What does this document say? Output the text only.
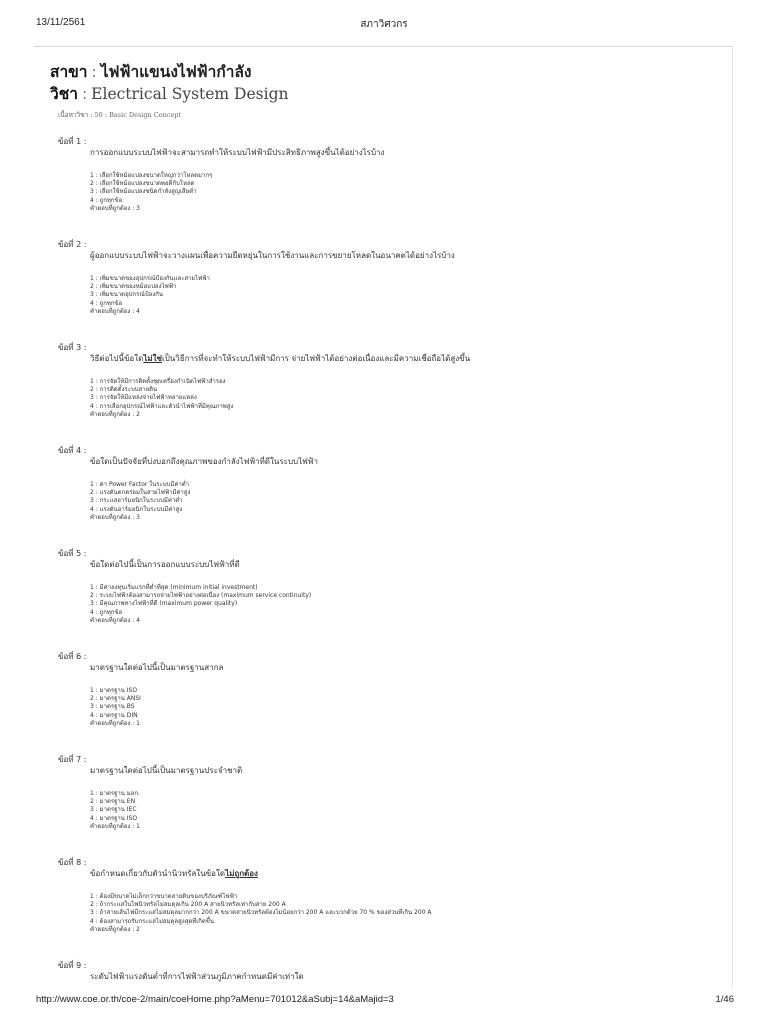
13/11/2561	สภาวิศวกร
สาขา : ไฟฟ้าแขนงไฟฟ้ากำลัง
วิชา : Electrical System Design
เนื้อหาวิชา : 50 : Basic Design Concept
ข้อที่ 1 :
การออกแบบระบบไฟฟ้าจะสามารถทำให้ระบบไฟฟ้ามีประสิทธิภาพสูงขึ้นได้อย่างไรบ้าง
1 : เลือกใช้หม้อแปลงขนาดใหญ่กว่าโหลดมากๆ
2 : เลือกใช้หม้อแปลงขนาดพอดีกับโหลด
3 : เลือกใช้หม้อแปลงชนิดกำลังสูญเสียต่ำ
4 : ถูกทุกข้อ
คำตอบที่ถูกต้อง : 3
ข้อที่ 2 :
ผู้ออกแบบระบบไฟฟ้าจะวางแผนเพื่อความยืดหยุ่นในการใช้งานและการขยายโหลดในอนาคตได้อย่างไรบ้าง
1 : เพิ่มขนาดของอุปกรณ์ป้องกันและสายไฟฟ้า
2 : เพิ่มขนาดของหม้อแปลงไฟฟ้า
3 : เพิ่มขนาดอุปกรณ์ป้องกัน
4 : ถูกทุกข้อ
คำตอบที่ถูกต้อง : 4
ข้อที่ 3 :
วิธีต่อไปนี้ข้อใดไม่ใช่เป็นวิธีการที่จะทำให้ระบบไฟฟ้ามีการ จ่ายไฟฟ้าได้อย่างต่อเนื่องและมีความเชื่อถือได้สูงขึ้น
1 : การจัดให้มีการติดตั้งชุดเครื่องกำเนิดไฟฟ้าสำรอง
2 : การติดตั้งระบบสายดิน
3 : การจัดให้มีแหล่งจ่ายไฟฟ้าหลายแหล่ง
4 : การเลือกอุปกรณ์ไฟฟ้าและตัวนำไฟฟ้าที่มีคุณภาพสูง
คำตอบที่ถูกต้อง : 2
ข้อที่ 4 :
ข้อใดเป็นปัจจัยที่บ่งบอกถึงคุณภาพของกำลังไฟฟ้าที่ดีในระบบไฟฟ้า
1 : ค่า Power Factor ในระบบมีค่าต่ำ
2 : แรงดันตกคร่อมในสายไฟฟ้ามีค่าสูง
3 : กระแสฮาร์มอนิกในระบบมีค่าต่ำ
4 : แรงดันฮาร์มอนิกในระบบมีค่าสูง
คำตอบที่ถูกต้อง : 3
ข้อที่ 5 :
ข้อใดต่อไปนี้เป็นการออกแบบระบบไฟฟ้าที่ดี
1 : มีค่าลงทุนเริ่มแรกที่ต่ำที่สุด (minimum initial investment)
2 : ระบบไฟฟ้าต้องสามารถจ่ายไฟฟ้าอย่างต่อเนื่อง (maximum service continuity)
3 : มีคุณภาพทางไฟฟ้าที่ดี (maximum power quality)
4 : ถูกทุกข้อ
คำตอบที่ถูกต้อง : 4
ข้อที่ 6 :
มาตรฐานใดต่อไปนี้เป็นมาตรฐานสากล
1 : มาตรฐาน ISO
2 : มาตรฐาน ANSI
3 : มาตรฐาน BS
4 : มาตรฐาน DIN
คำตอบที่ถูกต้อง : 1
ข้อที่ 7 :
มาตรฐานใดต่อไปนี้เป็นมาตรฐานประจำชาติ
1 : มาตรฐาน มอก.
2 : มาตรฐาน EN
3 : มาตรฐาน IEC
4 : มาตรฐาน ISO
คำตอบที่ถูกต้อง : 1
ข้อที่ 8 :
ข้อกำหนดเกี่ยวกับตัวนำนิวทรัลในข้อใดไม่ถูกต้อง
1 : ต้องมีขนาดไม่เล็กกว่าขนาดสายดินของบริภัณฑ์ไฟฟ้า
2 : ถ้ากระแสในไฟนิวทรัลไม่สมดุลเกิน 200 A สายนิวทรัลเท่ากับสาย 200 A
3 : ถ้าสายเส้นไฟมีกระแสไม่สมดุลมากกว่า 200 A ขนาดสายนิวทรัลต้องไม่น้อยกว่า 200 A และบวกด้วย 70 % ของส่วนที่เกิน 200 A
4 : ต้องสามารถรับกระแสไม่สมดุลสูงสุดที่เกิดขึ้น
คำตอบที่ถูกต้อง : 2
ข้อที่ 9 :
ระดับไฟฟ้าแรงดันต่ำที่การไฟฟ้าส่วนภูมิภาคกำหนดมีค่าเท่าใด
http://www.coe.or.th/coe-2/main/coeHome.php?aMenu=701012&aSubj=14&aMajid=3	1/46
